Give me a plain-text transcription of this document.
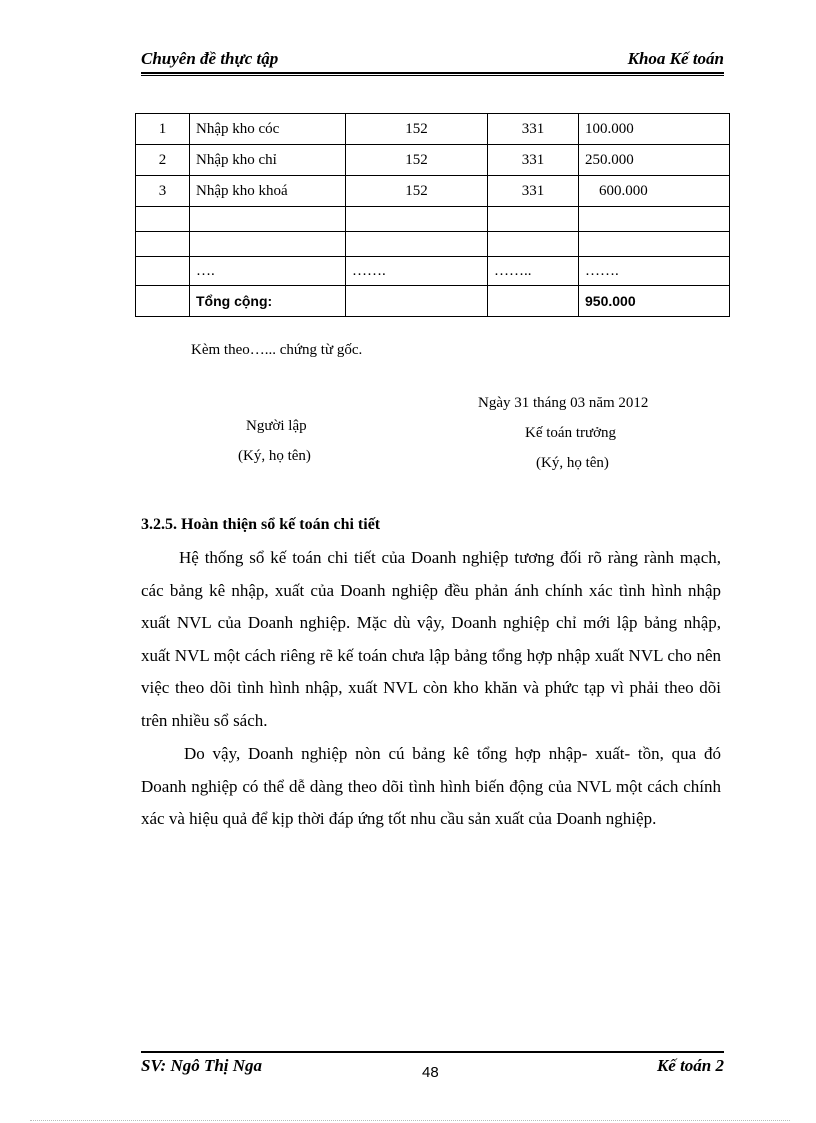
Chuyên đề thực tập	Khoa Kế toán
1	Nhập kho cóc	152	331	100.000
2	Nhập kho chỉ	152	331	250.000
3	Nhập kho khoá	152	331	600.000

	….	…….	……..	…….
	Tổng cộng:			950.000
Kèm theo…... chứng từ gốc.
Ngày 31 tháng 03 năm 2012
Người lập
(Ký, họ tên)
Kế toán trưởng
(Ký, họ tên)
3.2.5. Hoàn thiện sổ kế toán chi tiết

Hệ thống sổ kế toán chi tiết của Doanh nghiệp tương đối rõ ràng rành mạch, các bảng kê nhập, xuất của Doanh nghiệp đều phản ánh chính xác tình hình nhập xuất NVL của Doanh nghiệp. Mặc dù vậy, Doanh nghiệp chỉ mới lập bảng nhập, xuất NVL một cách riêng rẽ kế toán chưa lập bảng tổng hợp nhập xuất NVL cho nên việc theo dõi tình hình nhập, xuất NVL còn kho khăn và phức tạp vì phải theo dõi trên nhiều sổ sách.

Do vậy, Doanh nghiệp nòn cú bảng kê tổng hợp nhập- xuất- tồn, qua đó Doanh nghiệp có thể dễ dàng theo dõi tình hình biến động của NVL một cách chính xác và hiệu quả để kịp thời đáp ứng tốt nhu cầu sản xuất của Doanh nghiệp.

SV: Ngô Thị Nga	Kế toán 2
48
